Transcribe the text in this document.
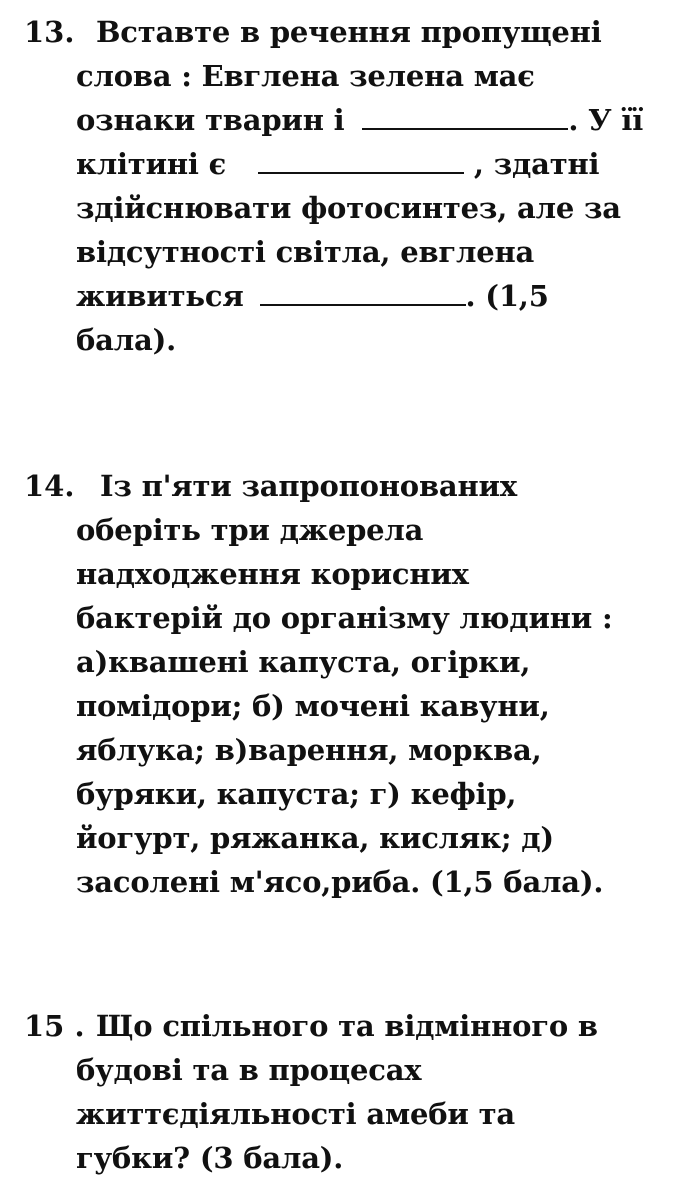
13. Вставте в речення пропущені
слова : Евглена зелена має
ознаки тварин і	. У її
клітині є	, здатні
здійснювати фотосинтез, але за
відсутності світла, евглена
живиться	. (1,5
бала).
14. Із п'яти запропонованих
оберіть три джерела
надходження корисних
бактерій до організму людини :
а)квашені капуста, огірки,
помідори; б) мочені кавуни,
яблука; в)варення, морква,
буряки, капуста; г) кефір,
йогурт, ряжанка, кисляк; д)
засолені м'ясо,риба. (1,5 бала).
15 . Що спільного та відмінного в
будові та в процесах
життєдіяльності амеби та
губки? (3 бала).
